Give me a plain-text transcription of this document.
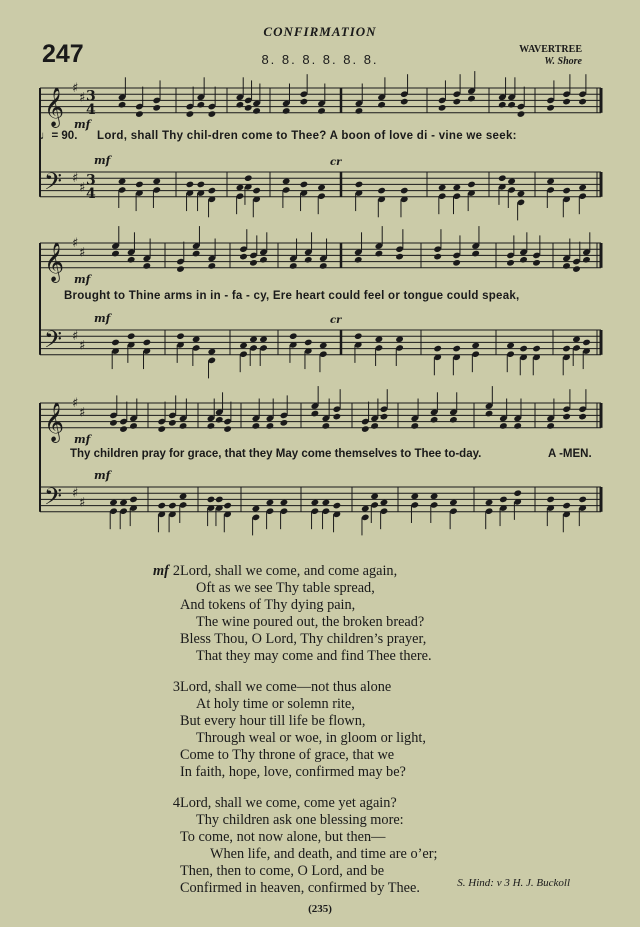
CONFIRMATION
247	8. 8. 8. 8. 8. 8.
WAVERTREE
W. Shore
𝄞
𝄢
♯
♯
♯
♯
3
4
3
4
mf
mf	cr
𝄞
𝄢
♯
♯
♯
♯
mf
mf	cr
𝄞
𝄢
♯
♯
♯
♯
mf
mf
♩= 90. Lord, shall Thy chil-dren come to Thee? A boon of love di - vine we seek:
Brought to Thine arms in in - fa - cy, Ere heart could feel or tongue could speak,
Thy children pray for grace, that they May come themselves to Thee to-day.	A -MEN.
mf 2 Lord, shall we come, and come again,
Oft as we see Thy table spread,
And tokens of Thy dying pain,
The wine poured out, the broken bread?
Bless Thou, O Lord, Thy children’s prayer,
That they may come and find Thee there.
3 Lord, shall we come—not thus alone
At holy time or solemn rite,
But every hour till life be flown,
Through weal or woe, in gloom or light,
Come to Thy throne of grace, that we
In faith, hope, love, confirmed may be?
4 Lord, shall we come, come yet again?
Thy children ask one blessing more:
To come, not now alone, but then—
When life, and death, and time are o’er;
Then, then to come, O Lord, and be
Confirmed in heaven, confirmed by Thee.	S. Hind: v 3 H. J. Buckoll
(235)
